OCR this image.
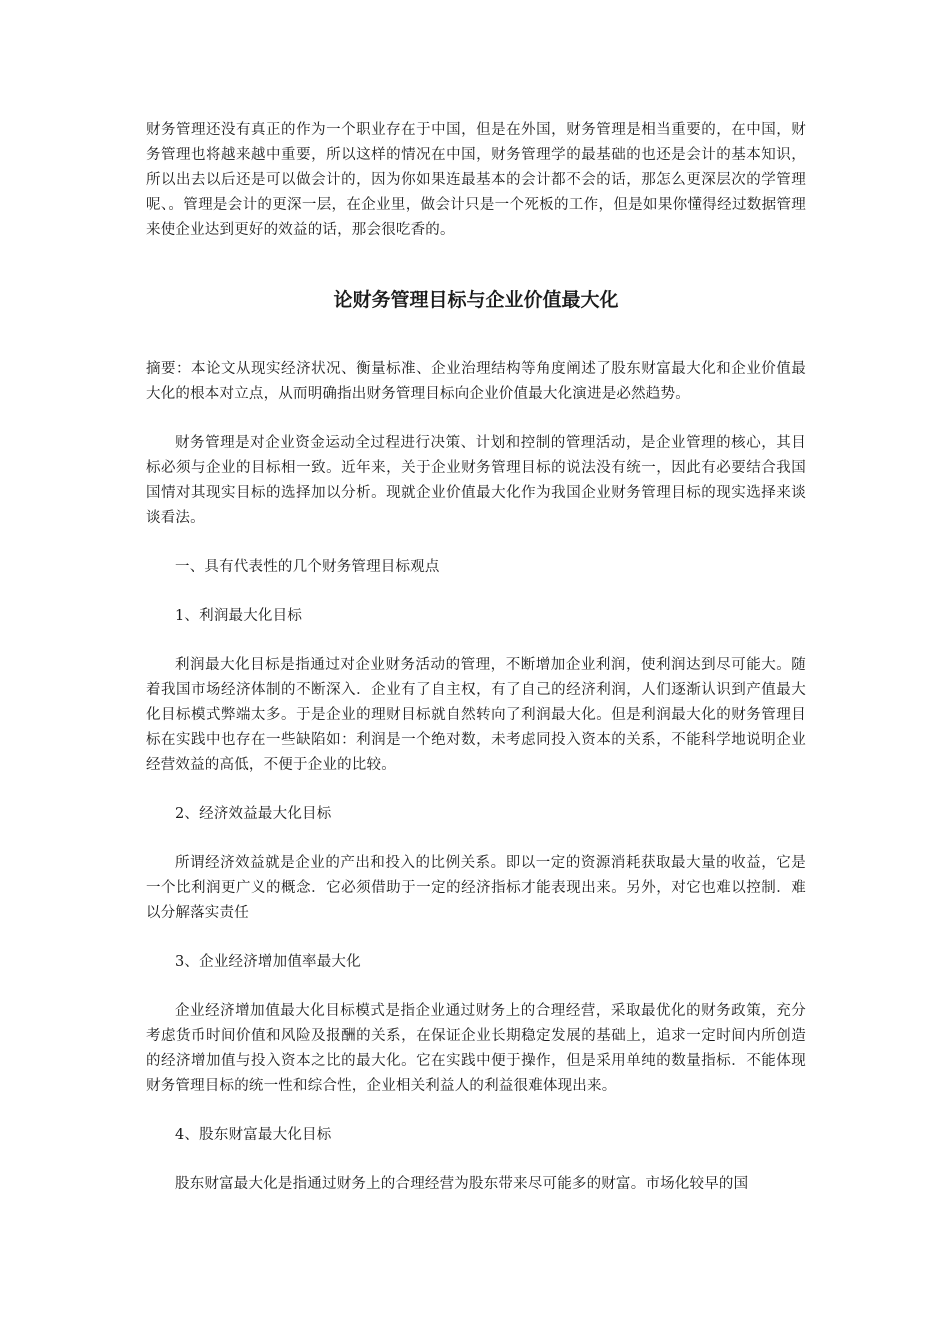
财务管理还没有真正的作为一个职业存在于中国，但是在外国，财务管理是相当重要的，在中国，财务管理也将越来越中重要，所以这样的情况在中国，财务管理学的最基础的也还是会计的基本知识，所以出去以后还是可以做会计的，因为你如果连最基本的会计都不会的话，那怎么更深层次的学管理呢、。管理是会计的更深一层，在企业里，做会计只是一个死板的工作，但是如果你懂得经过数据管理来使企业达到更好的效益的话，那会很吃香的。

论财务管理目标与企业价值最大化

摘要：本论文从现实经济状况、衡量标准、企业治理结构等角度阐述了股东财富最大化和企业价值最大化的根本对立点，从而明确指出财务管理目标向企业价值最大化演进是必然趋势。

财务管理是对企业资金运动全过程进行决策、计划和控制的管理活动，是企业管理的核心，其目标必须与企业的目标相一致。近年来，关于企业财务管理目标的说法没有统一，因此有必要结合我国国情对其现实目标的选择加以分析。现就企业价值最大化作为我国企业财务管理目标的现实选择来谈谈看法。

一、具有代表性的几个财务管理目标观点

1、利润最大化目标

利润最大化目标是指通过对企业财务活动的管理，不断增加企业利润，使利润达到尽可能大。随着我国市场经济体制的不断深入．企业有了自主权，有了自己的经济利润，人们逐渐认识到产值最大化目标模式弊端太多。于是企业的理财目标就自然转向了利润最大化。但是利润最大化的财务管理目标在实践中也存在一些缺陷如：利润是一个绝对数，未考虑同投入资本的关系，不能科学地说明企业经营效益的高低，不便于企业的比较。

2、经济效益最大化目标

所谓经济效益就是企业的产出和投入的比例关系。即以一定的资源消耗获取最大量的收益，它是一个比利润更广义的概念．它必须借助于一定的经济指标才能表现出来。另外，对它也难以控制．难以分解落实责任

3、企业经济增加值率最大化

企业经济增加值最大化目标模式是指企业通过财务上的合理经营，采取最优化的财务政策，充分考虑货币时间价值和风险及报酬的关系，在保证企业长期稳定发展的基础上，追求一定时间内所创造的经济增加值与投入资本之比的最大化。它在实践中便于操作，但是采用单纯的数量指标．不能体现财务管理目标的统一性和综合性，企业相关利益人的利益很难体现出来。

4、股东财富最大化目标

股东财富最大化是指通过财务上的合理经营为股东带来尽可能多的财富。市场化较早的国
